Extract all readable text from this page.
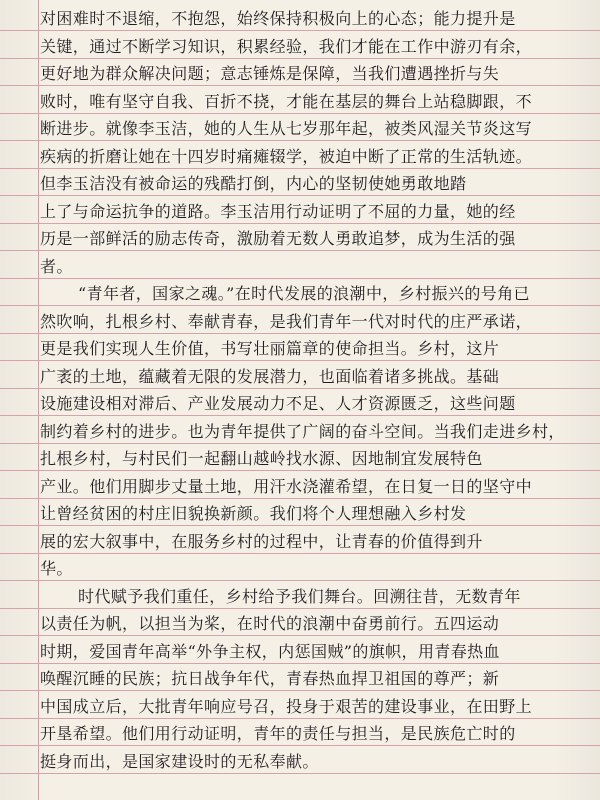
对困难时不退缩，不抱怨，始终保持积极向上的心态；能力提升是
关键，通过不断学习知识，积累经验，我们才能在工作中游刃有余，
更好地为群众解决问题；意志锤炼是保障，当我们遭遇挫折与失
败时，唯有坚守自我、百折不挠，才能在基层的舞台上站稳脚跟，不
断进步。就像李玉洁，她的人生从七岁那年起，被类风湿关节炎这写
疾病的折磨让她在十四岁时痛瘫辍学，被迫中断了正常的生活轨迹。
但李玉洁没有被命运的残酷打倒，内心的坚韧使她勇敢地踏
上了与命运抗争的道路。李玉洁用行动证明了不屈的力量，她的经
历是一部鲜活的励志传奇，激励着无数人勇敢追梦，成为生活的强
者。
“青年者，国家之魂。”在时代发展的浪潮中，乡村振兴的号角已
然吹响，扎根乡村、奉献青春，是我们青年一代对时代的庄严承诺，
更是我们实现人生价值，书写壮丽篇章的使命担当。乡村，这片
广袤的土地，蕴藏着无限的发展潜力，也面临着诸多挑战。基础
设施建设相对滞后、产业发展动力不足、人才资源匮乏，这些问题
制约着乡村的进步。也为青年提供了广阔的奋斗空间。当我们走进乡村，
扎根乡村，与村民们一起翻山越岭找水源、因地制宜发展特色
产业。他们用脚步丈量土地，用汗水浇灌希望，在日复一日的坚守中
让曾经贫困的村庄旧貌换新颜。我们将个人理想融入乡村发
展的宏大叙事中，在服务乡村的过程中，让青春的价值得到升
华。
时代赋予我们重任，乡村给予我们舞台。回溯往昔，无数青年
以责任为帆，以担当为桨，在时代的浪潮中奋勇前行。五四运动
时期，爱国青年高举“外争主权，内惩国贼”的旗帜，用青春热血
唤醒沉睡的民族；抗日战争年代，青春热血捍卫祖国的尊严；新
中国成立后，大批青年响应号召，投身于艰苦的建设事业，在田野上
开垦希望。他们用行动证明，青年的责任与担当，是民族危亡时的
挺身而出，是国家建设时的无私奉献。
